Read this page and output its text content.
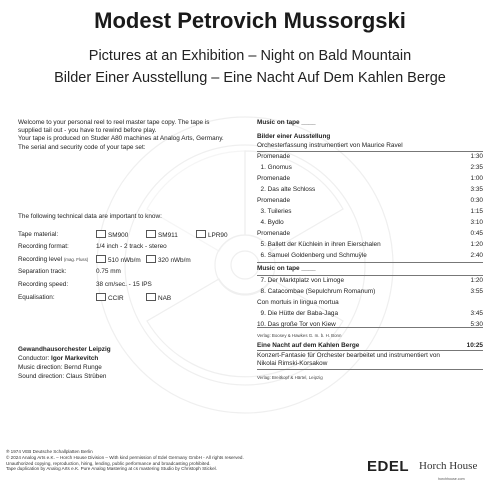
Modest Petrovich Mussorgski
Pictures at an Exhibition – Night on Bald Mountain
Bilder Einer Ausstellung – Eine Nacht Auf Dem Kahlen Berge
Welcome to your personal reel to reel master tape copy. The tape is
supplied tail out - you have to rewind before play.
Your tape is produced on Studer A80 machines at Analog Arts, Germany.
The serial and security code of your tape set:
The following technical data are important to know:
Tape material:	SM900	SM911	LPR90
Recording format:	1/4 inch - 2 track - stereo
Recording level (mag. Fluss)	510 nWb/m	320 nWb/m
Separation track:	0.75 mm
Recording speed:	38 cm/sec. - 15 IPS
Equalisation:	CCIR	NAB
Gewandhausorchester Leipzig
Conductor: Igor Markevitch
Music direction: Bernd Runge
Sound direction: Claus Strüben
Music on tape ____
Bilder einer Ausstellung
Orchesterfassung instrumentiert von Maurice Ravel
Promenade	1:30
1. Gnomus	2:35
Promenade	1:00
2. Das alte Schloss	3:35
Promenade	0:30
3. Tuileries	1:15
4. Bydlo	3:10
Promenade	0:45
5. Ballett der Küchlein in ihren Eierschalen	1:20
6. Samuel Goldenberg und Schmuÿle	2:40
Music on tape ____
7. Der Marktplatz von Limoge	1:20
8. Catacombae (Sepulchrum Romanum)	3:55
Con mortuis in lingua mortua
9. Die Hütte der Baba-Jaga	3:45
10. Das große Tor von Kiew	5:30
Verlag: Boosey & Hawkes G. m. b. H. Bonn
Eine Nacht auf dem Kahlen Berge	10:25
Konzert-Fantasie für Orchester bearbeitet und instrumentiert von
Nikolai Rimski-Korsakow
Verlag: Breitkopf & Härtel, Leipzig
℗ 1974 VEB Deutsche Schallplatten Berlin
© 2024 Analog Arts e.K. – Horch House Division – With kind permission of Edel Germany GmbH - All rights reserved.
Unauthorized copying, reproduction, hiring, lending, public performance and broadcasting prohibited.
Tape duplication by Analog Arts e.K. Pure Analog Mastering at cs mastering Studio by Christoph Stickel.	EDEL Horch House
horchhouse.com
